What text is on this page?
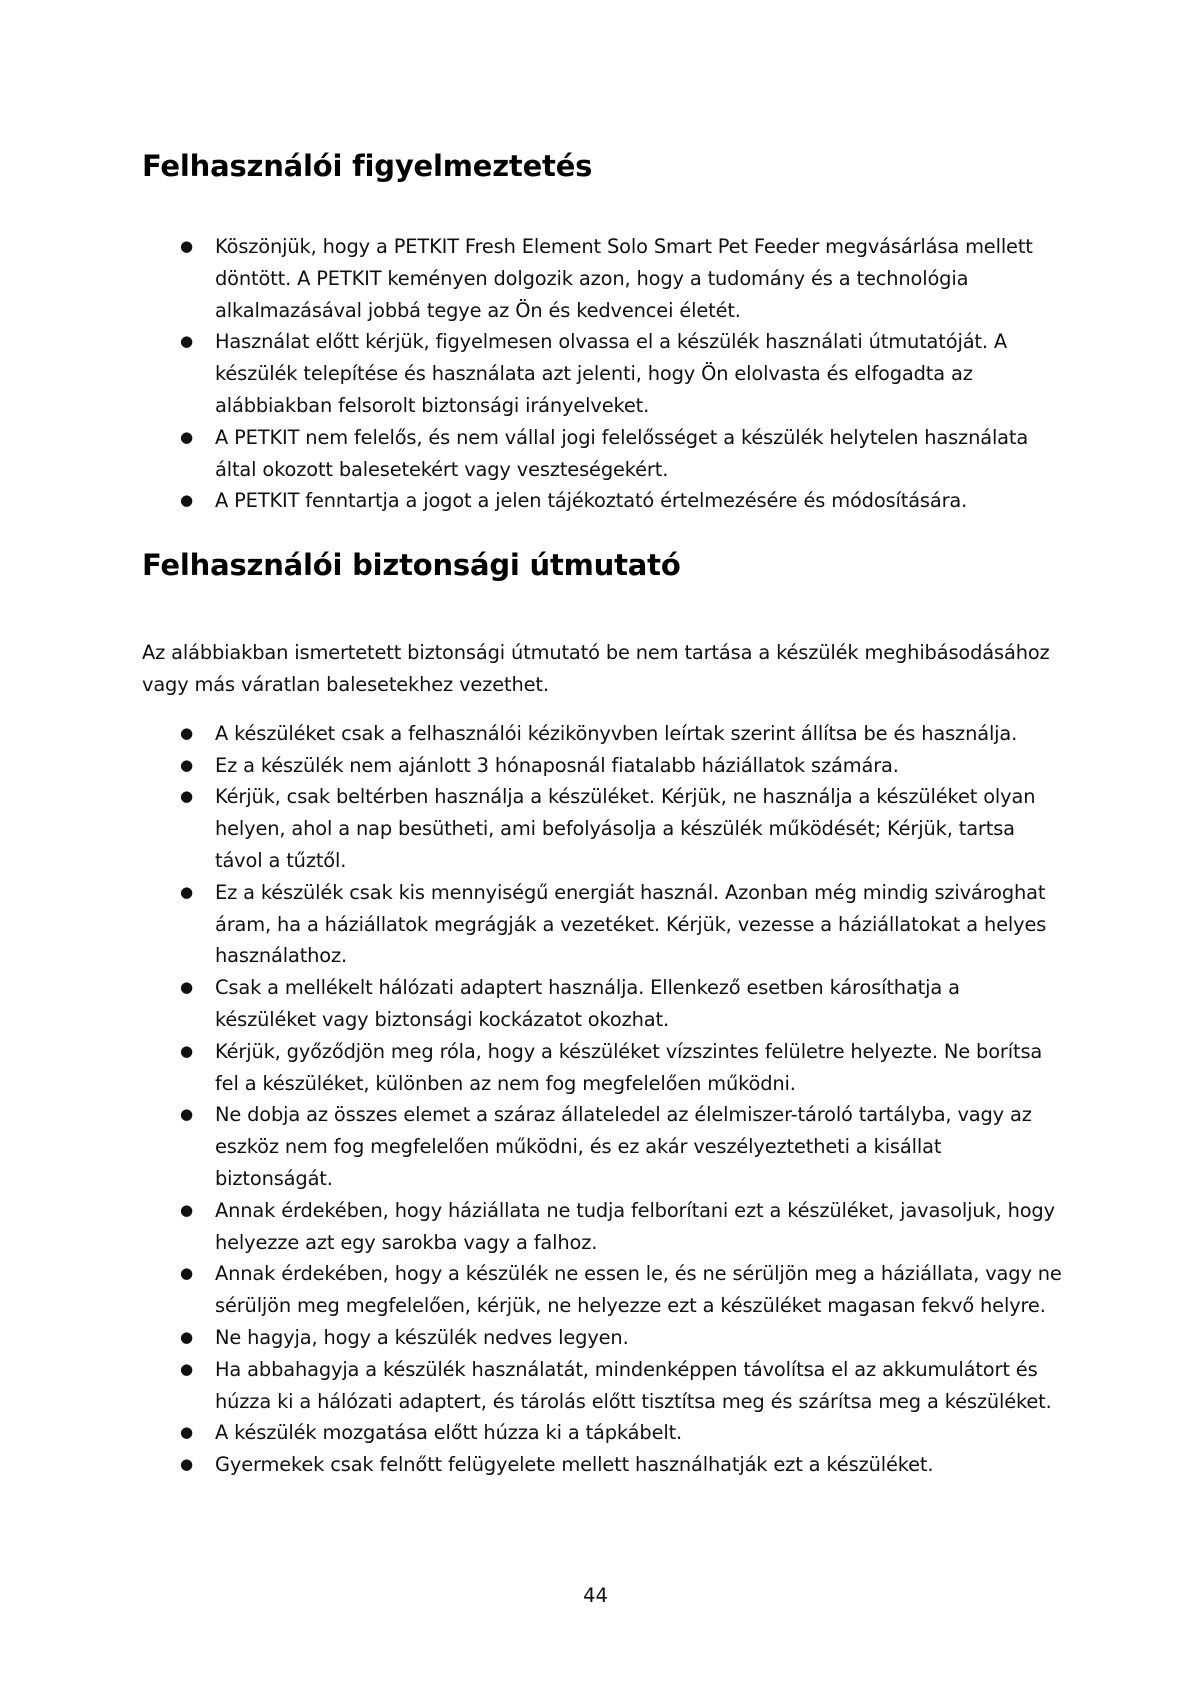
Felhasználói figyelmeztetés
● Köszönjük, hogy a PETKIT Fresh Element Solo Smart Pet Feeder megvásárlása mellett döntött. A PETKIT keményen dolgozik azon, hogy a tudomány és a technológia alkalmazásával jobbá tegye az Ön és kedvencei életét.
● Használat előtt kérjük, figyelmesen olvassa el a készülék használati útmutatóját. A készülék telepítése és használata azt jelenti, hogy Ön elolvasta és elfogadta az alábbiakban felsorolt biztonsági irányelveket.
● A PETKIT nem felelős, és nem vállal jogi felelősséget a készülék helytelen használata által okozott balesetekért vagy veszteségekért.
● A PETKIT fenntartja a jogot a jelen tájékoztató értelmezésére és módosítására.
Felhasználói biztonsági útmutató

Az alábbiakban ismertetett biztonsági útmutató be nem tartása a készülék meghibásodásához vagy más váratlan balesetekhez vezethet.

● A készüléket csak a felhasználói kézikönyvben leírtak szerint állítsa be és használja.
● Ez a készülék nem ajánlott 3 hónaposnál fiatalabb háziállatok számára.
● Kérjük, csak beltérben használja a készüléket. Kérjük, ne használja a készüléket olyan helyen, ahol a nap besütheti, ami befolyásolja a készülék működését; Kérjük, tartsa távol a tűztől.
● Ez a készülék csak kis mennyiségű energiát használ. Azonban még mindig szivároghat áram, ha a háziállatok megrágják a vezetéket. Kérjük, vezesse a háziállatokat a helyes használathoz.
● Csak a mellékelt hálózati adaptert használja. Ellenkező esetben károsíthatja a készüléket vagy biztonsági kockázatot okozhat.
● Kérjük, győződjön meg róla, hogy a készüléket vízszintes felületre helyezte. Ne borítsa fel a készüléket, különben az nem fog megfelelően működni.
● Ne dobja az összes elemet a száraz állateledel az élelmiszer-tároló tartályba, vagy az eszköz nem fog megfelelően működni, és ez akár veszélyeztetheti a kisállat biztonságát.
● Annak érdekében, hogy háziállata ne tudja felborítani ezt a készüléket, javasoljuk, hogy helyezze azt egy sarokba vagy a falhoz.
● Annak érdekében, hogy a készülék ne essen le, és ne sérüljön meg a háziállata, vagy ne sérüljön meg megfelelően, kérjük, ne helyezze ezt a készüléket magasan fekvő helyre.
● Ne hagyja, hogy a készülék nedves legyen.
● Ha abbahagyja a készülék használatát, mindenképpen távolítsa el az akkumulátort és húzza ki a hálózati adaptert, és tárolás előtt tisztítsa meg és szárítsa meg a készüléket.
● A készülék mozgatása előtt húzza ki a tápkábelt.
● Gyermekek csak felnőtt felügyelete mellett használhatják ezt a készüléket.
44
